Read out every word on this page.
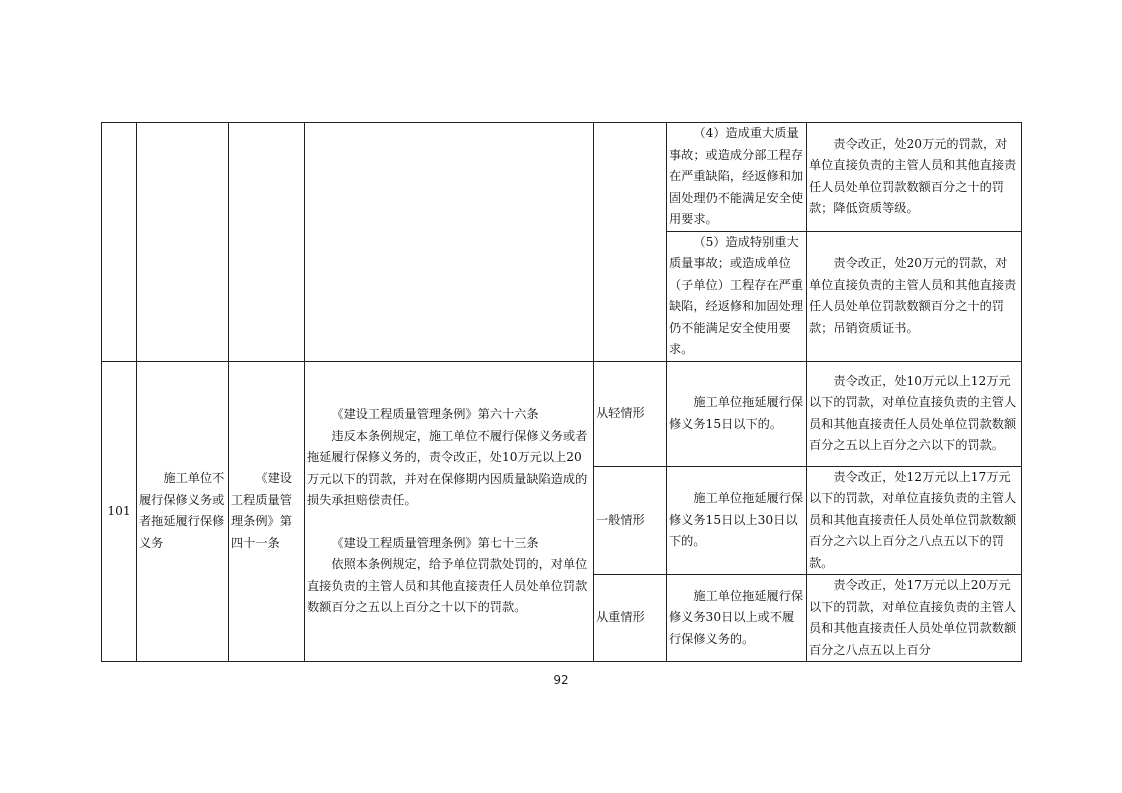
					（4）造成重大质量事故；或造成分部工程存在严重缺陷，经返修和加固处理仍不能满足安全使用要求。	责令改正，处20万元的罚款，对单位直接负责的主管人员和其他直接责任人员处单位罚款数额百分之十的罚款；降低资质等级。
					（5）造成特别重大质量事故；或造成单位（子单位）工程存在严重缺陷，经返修和加固处理仍不能满足安全使用要求。	责令改正，处20万元的罚款，对单位直接负责的主管人员和其他直接责任人员处单位罚款数额百分之十的罚款；吊销资质证书。
101	施工单位不履行保修义务或者拖延履行保修义务	《建设工程质量管理条例》第四十一条	《建设工程质量管理条例》第六十六条
违反本条例规定，施工单位不履行保修义务或者拖延履行保修义务的，责令改正，处10万元以上20万元以下的罚款，并对在保修期内因质量缺陷造成的损失承担赔偿责任。
《建设工程质量管理条例》第七十三条
依照本条例规定，给予单位罚款处罚的，对单位直接负责的主管人员和其他直接责任人员处单位罚款数额百分之五以上百分之十以下的罚款。	从轻情形	施工单位拖延履行保修义务15日以下的。	责令改正，处10万元以上12万元以下的罚款，对单位直接负责的主管人员和其他直接责任人员处单位罚款数额百分之五以上百分之六以下的罚款。
				一般情形	施工单位拖延履行保修义务15日以上30日以下的。	责令改正，处12万元以上17万元以下的罚款，对单位直接负责的主管人员和其他直接责任人员处单位罚款数额百分之六以上百分之八点五以下的罚款。
				从重情形	施工单位拖延履行保修义务30日以上或不履行保修义务的。	责令改正，处17万元以上20万元以下的罚款，对单位直接负责的主管人员和其他直接责任人员处单位罚款数额百分之八点五以上百分
92
